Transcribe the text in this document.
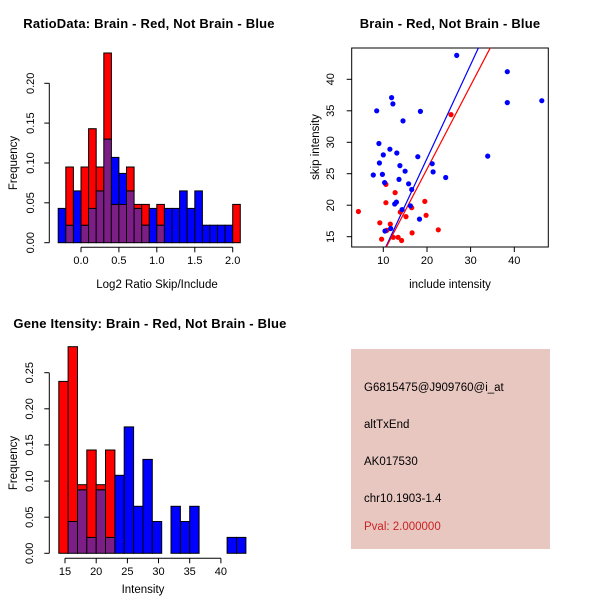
0.00
0.05
0.10
0.15
0.20
0.0 0.5 1.0 1.5 2.0
15
20
25
30
35
40
10	20	30	40
0.00
0.05
0.10
0.15
0.20
0.25
15 20 25 30 35 40
RatioData: Brain - Red, Not Brain - Blue
Frequency
Log2 Ratio Skip/Include
Brain - Red, Not Brain - Blue
skip intensity
include intensity
Gene Itensity: Brain - Red, Not Brain - Blue
Frequency
Intensity
G6815475@J909760@i_at
altTxEnd
AK017530
chr10.1903-1.4
Pval: 2.000000
